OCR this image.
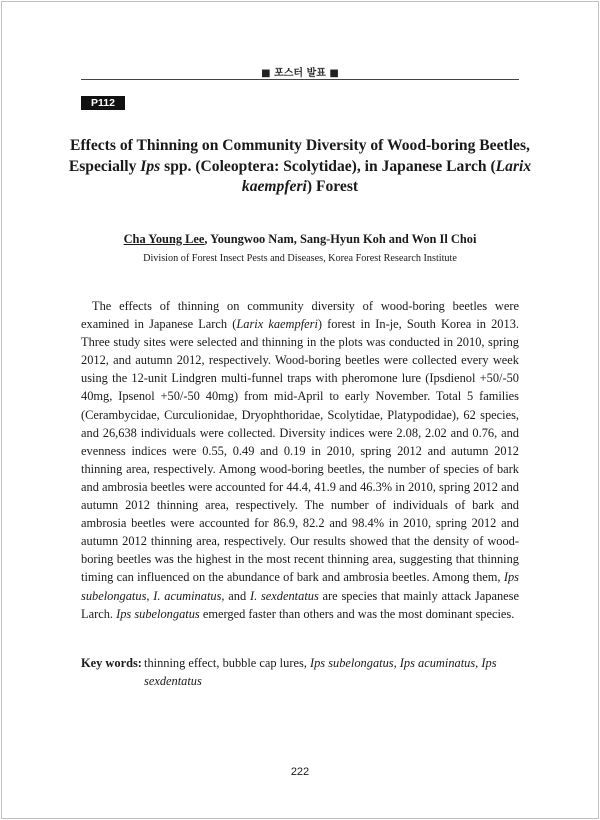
■ 포스터 발표 ■
P112
Effects of Thinning on Community Diversity of Wood-boring Beetles, Especially Ips spp. (Coleoptera: Scolytidae), in Japanese Larch (Larix kaempferi) Forest
Cha Young Lee, Youngwoo Nam, Sang-Hyun Koh and Won Il Choi
Division of Forest Insect Pests and Diseases, Korea Forest Research Institute

The effects of thinning on community diversity of wood-boring beetles were examined in Japanese Larch (Larix kaempferi) forest in In-je, South Korea in 2013. Three study sites were selected and thinning in the plots was conducted in 2010, spring 2012, and autumn 2012, respectively. Wood-boring beetles were collected every week using the 12-unit Lindgren multi-funnel traps with pheromone lure (Ipsdienol +50/-50 40mg, Ipsenol +50/-50 40mg) from mid-April to early November. Total 5 families (Cerambycidae, Curculionidae, Dryophthoridae, Scolytidae, Platypodidae), 62 species, and 26,638 individuals were collected. Diversity indices were 2.08, 2.02 and 0.76, and evenness indices were 0.55, 0.49 and 0.19 in 2010, spring 2012 and autumn 2012 thinning area, respectively. Among wood-boring beetles, the number of species of bark and ambrosia beetles were accounted for 44.4, 41.9 and 46.3% in 2010, spring 2012 and autumn 2012 thinning area, respectively. The number of individuals of bark and ambrosia beetles were accounted for 86.9, 82.2 and 98.4% in 2010, spring 2012 and autumn 2012 thinning area, respectively. Our results showed that the density of wood-boring beetles was the highest in the most recent thinning area, suggesting that thinning timing can influenced on the abundance of bark and ambrosia beetles. Among them, Ips subelongatus, I. acuminatus, and I. sexdentatus are species that mainly attack Japanese Larch. Ips subelongatus emerged faster than others and was the most dominant species.

Key words: thinning effect, bubble cap lures, Ips subelongatus, Ips acuminatus, Ips sexdentatus
222
